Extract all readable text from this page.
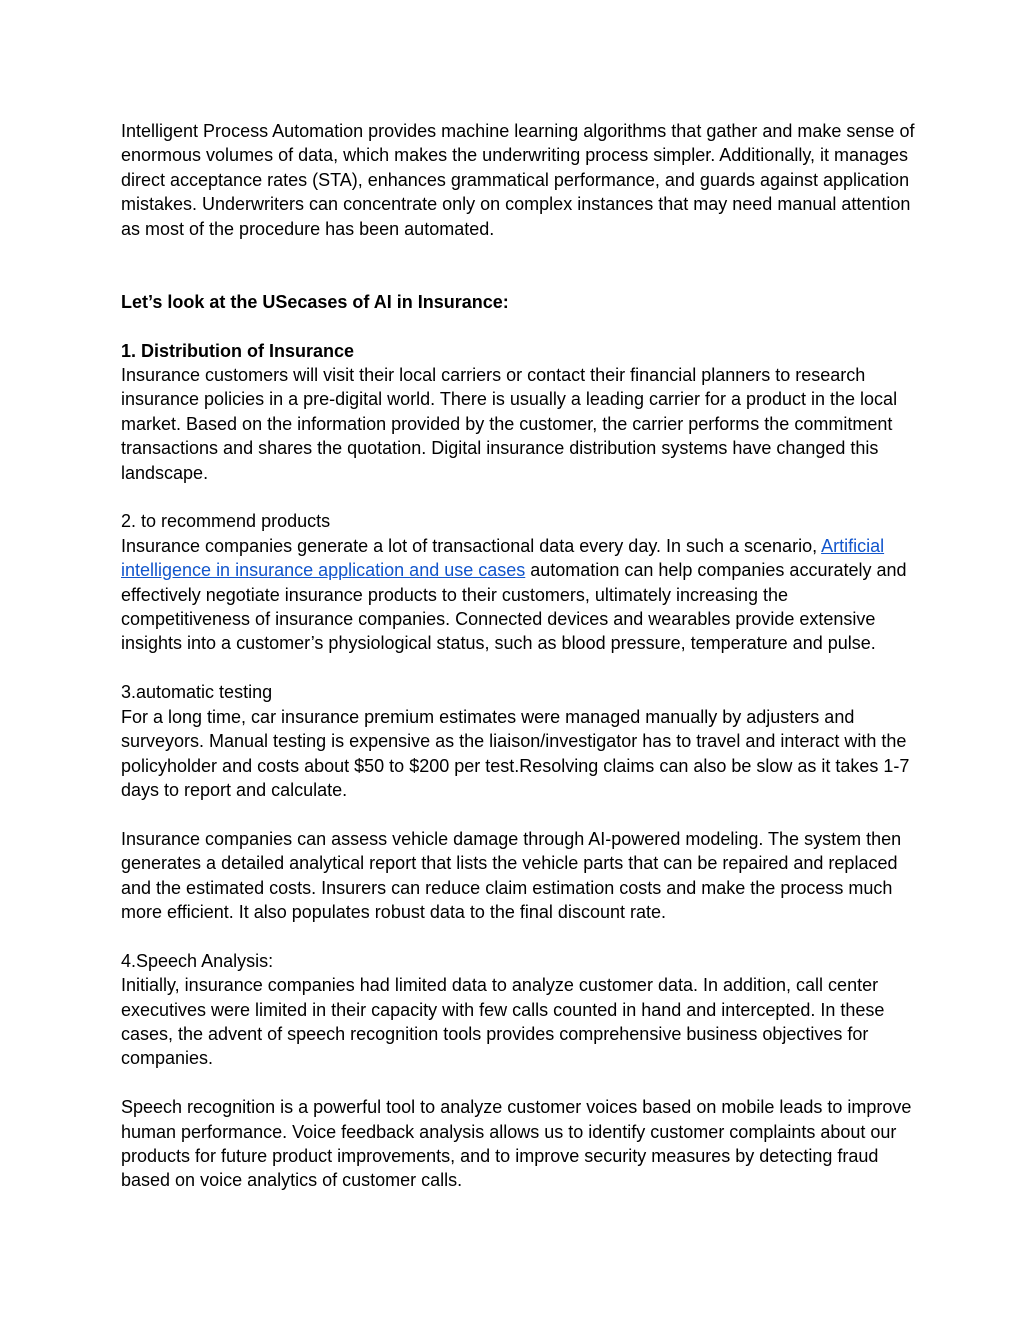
Intelligent Process Automation provides machine learning algorithms that gather and make sense of enormous volumes of data, which makes the underwriting process simpler. Additionally, it manages direct acceptance rates (STA), enhances grammatical performance, and guards against application mistakes. Underwriters can concentrate only on complex instances that may need manual attention as most of the procedure has been automated.

Let’s look at the USecases of AI in Insurance:

1. Distribution of Insurance

Insurance customers will visit their local carriers or contact their financial planners to research insurance policies in a pre-digital world. There is usually a leading carrier for a product in the local market. Based on the information provided by the customer, the carrier performs the commitment transactions and shares the quotation. Digital insurance distribution systems have changed this landscape.

2. to recommend products

Insurance companies generate a lot of transactional data every day. In such a scenario, Artificial intelligence in insurance application and use cases automation can help companies accurately and effectively negotiate insurance products to their customers, ultimately increasing the competitiveness of insurance companies. Connected devices and wearables provide extensive insights into a customer’s physiological status, such as blood pressure, temperature and pulse.

3.automatic testing

For a long time, car insurance premium estimates were managed manually by adjusters and surveyors. Manual testing is expensive as the liaison/investigator has to travel and interact with the policyholder and costs about $50 to $200 per test.Resolving claims can also be slow as it takes 1-7 days to report and calculate.

Insurance companies can assess vehicle damage through AI-powered modeling. The system then generates a detailed analytical report that lists the vehicle parts that can be repaired and replaced and the estimated costs. Insurers can reduce claim estimation costs and make the process much more efficient. It also populates robust data to the final discount rate.

4.Speech Analysis:

Initially, insurance companies had limited data to analyze customer data. In addition, call center executives were limited in their capacity with few calls counted in hand and intercepted. In these cases, the advent of speech recognition tools provides comprehensive business objectives for companies.

Speech recognition is a powerful tool to analyze customer voices based on mobile leads to improve human performance. Voice feedback analysis allows us to identify customer complaints about our products for future product improvements, and to improve security measures by detecting fraud based on voice analytics of customer calls.
